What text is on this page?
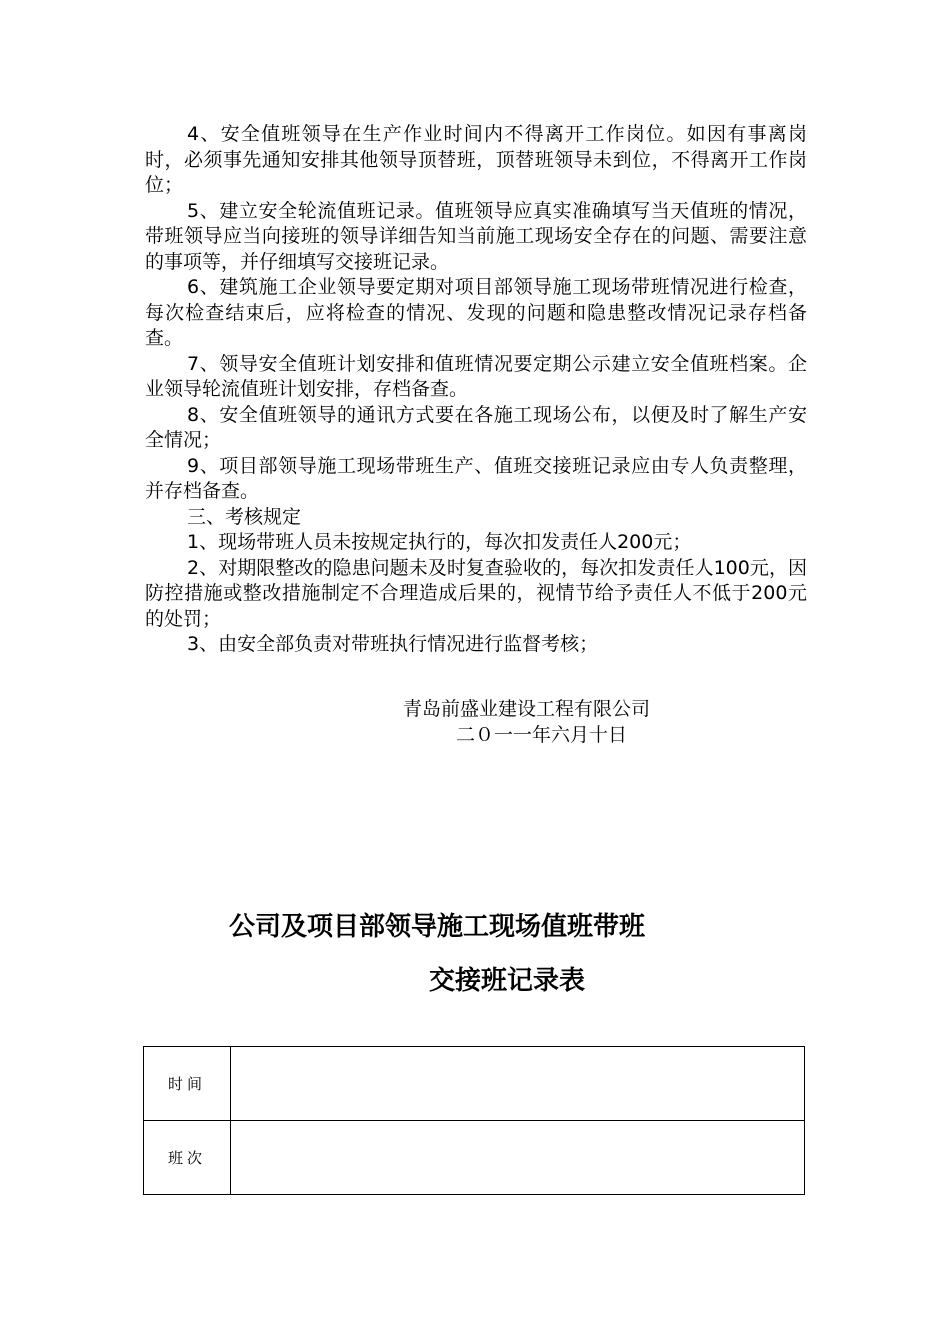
4、安全值班领导在生产作业时间内不得离开工作岗位。如因有事离岗时，必须事先通知安排其他领导顶替班，顶替班领导未到位，不得离开工作岗位；

5、建立安全轮流值班记录。值班领导应真实准确填写当天值班的情况，带班领导应当向接班的领导详细告知当前施工现场安全存在的问题、需要注意的事项等，并仔细填写交接班记录。

6、建筑施工企业领导要定期对项目部领导施工现场带班情况进行检查，每次检查结束后，应将检查的情况、发现的问题和隐患整改情况记录存档备查。

7、领导安全值班计划安排和值班情况要定期公示建立安全值班档案。企业领导轮流值班计划安排，存档备查。

8、安全值班领导的通讯方式要在各施工现场公布，以便及时了解生产安全情况；

9、项目部领导施工现场带班生产、值班交接班记录应由专人负责整理，并存档备查。

三、考核规定

1、现场带班人员未按规定执行的，每次扣发责任人200元；

2、对期限整改的隐患问题未及时复查验收的，每次扣发责任人100元，因防控措施或整改措施制定不合理造成后果的，视情节给予责任人不低于200元的处罚；

3、由安全部负责对带班执行情况进行监督考核；

青岛前盛业建设工程有限公司
二０一一年六月十日
公司及项目部领导施工现场值班带班
交接班记录表
时间	
班次	
